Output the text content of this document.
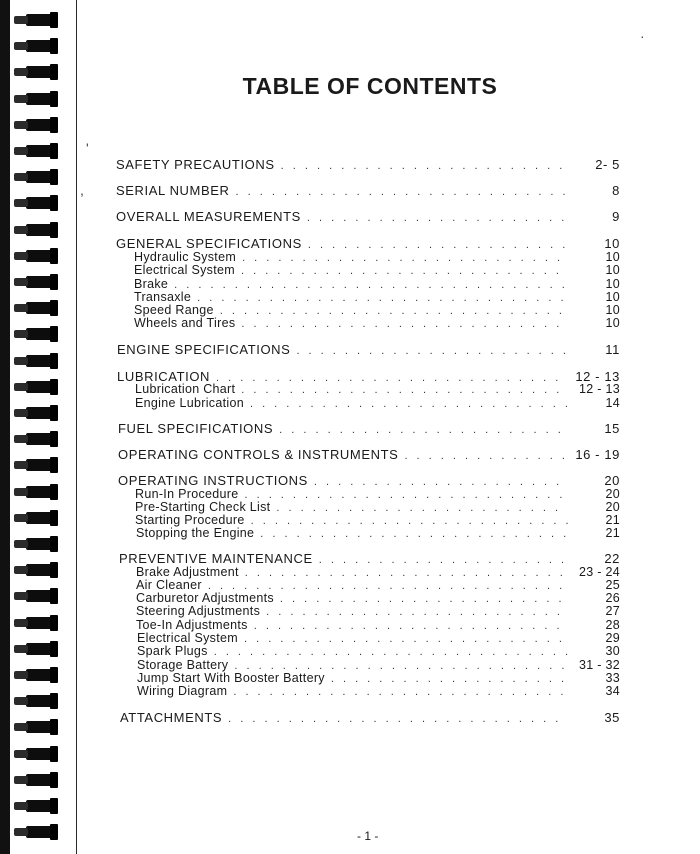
TABLE OF CONTENTS
SAFETY PRECAUTIONS . . .	2- 5
SERIAL NUMBER . . .	8
OVERALL MEASUREMENTS . . .	9
GENERAL SPECIFICATIONS . . .	10
Hydraulic System . . .	10
Electrical System . . .	10
Brake . . .	10
Transaxle . . .	10
Speed Range . . .	10
Wheels and Tires . . .	10
ENGINE SPECIFICATIONS . . .	11
LUBRICATION . . .	12 - 13
Lubrication Chart . . .	12 - 13
Engine Lubrication . . .	14
FUEL SPECIFICATIONS . . .	15
OPERATING CONTROLS & INSTRUMENTS . . .	16 - 19
OPERATING INSTRUCTIONS . . .	20
Run-In Procedure . . .	20
Pre-Starting Check List . . .	20
Starting Procedure . . .	21
Stopping the Engine . . .	21
PREVENTIVE MAINTENANCE . . .	22
Brake Adjustment . . .	23 - 24
Air Cleaner . . .	25
Carburetor Adjustments . . .	26
Steering Adjustments . . .	27
Toe-In Adjustments . . .	28
Electrical System . . .	29
Spark Plugs . . .	30
Storage Battery . . .	31 - 32
Jump Start With Booster Battery . . .	33
Wiring Diagram . . .	34
ATTACHMENTS . . .	35
- 1 -
'
,
·
